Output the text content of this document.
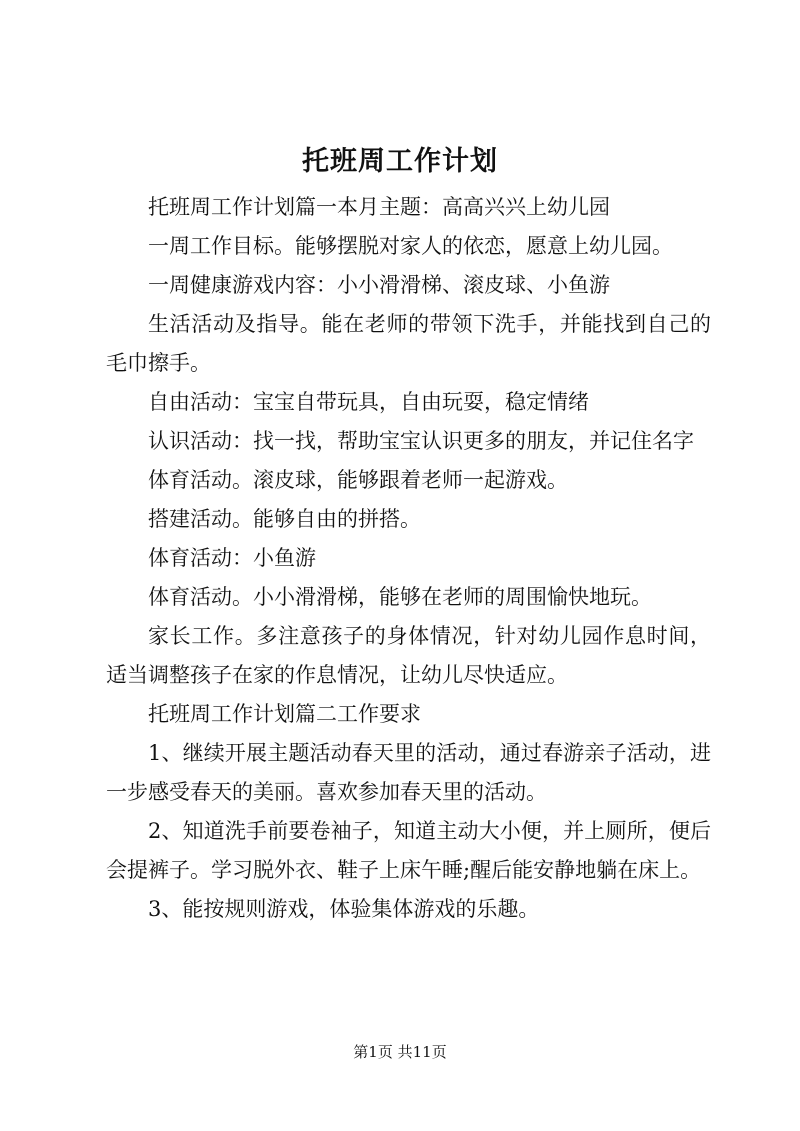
托班周工作计划

托班周工作计划篇一本月主题：高高兴兴上幼儿园

一周工作目标。能够摆脱对家人的依恋，愿意上幼儿园。

一周健康游戏内容：小小滑滑梯、滚皮球、小鱼游

生活活动及指导。能在老师的带领下洗手，并能找到自己的毛巾擦手。

自由活动：宝宝自带玩具，自由玩耍，稳定情绪

认识活动：找一找，帮助宝宝认识更多的朋友，并记住名字

体育活动。滚皮球，能够跟着老师一起游戏。

搭建活动。能够自由的拼搭。

体育活动：小鱼游

体育活动。小小滑滑梯，能够在老师的周围愉快地玩。

家长工作。多注意孩子的身体情况，针对幼儿园作息时间，适当调整孩子在家的作息情况，让幼儿尽快适应。

托班周工作计划篇二工作要求

1、继续开展主题活动春天里的活动，通过春游亲子活动，进一步感受春天的美丽。喜欢参加春天里的活动。

2、知道洗手前要卷袖子，知道主动大小便，并上厕所，便后会提裤子。学习脱外衣、鞋子上床午睡;醒后能安静地躺在床上。

3、能按规则游戏，体验集体游戏的乐趣。

第1页 共11页
